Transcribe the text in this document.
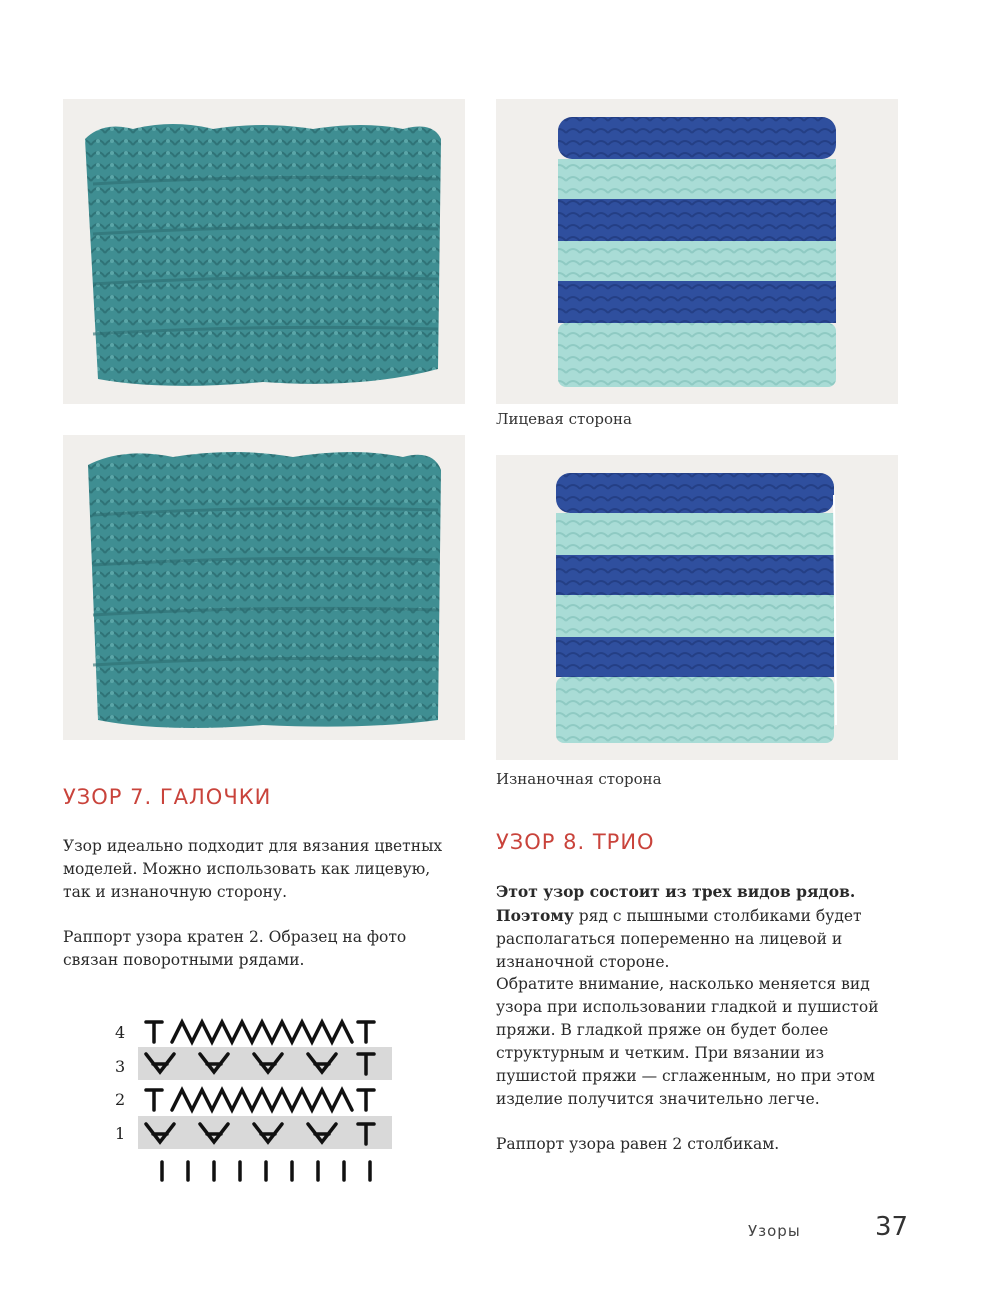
Лицевая сторона
Изнаночная сторона
УЗОР 7. ГАЛОЧКИ

Узор идеально подходит для вязания цветных моделей. Можно использовать как лицевую, так и изнаночную сторону.

Раппорт узора кратен 2. Образец на фото связан поворотными рядами.

4
3
2
1
УЗОР 8. ТРИО

Этот узор состоит из трех видов рядов. Поэтому ряд с пышными столбиками будет располагаться попеременно на лицевой и изнаночной стороне.

Обратите внимание, насколько меняется вид узора при использовании гладкой и пушистой пряжи. В гладкой пряже он будет более структурным и четким. При вязании из пушистой пряжи — сглаженным, но при этом изделие получится значительно легче.

Раппорт узора равен 2 столбикам.

Узоры	37
